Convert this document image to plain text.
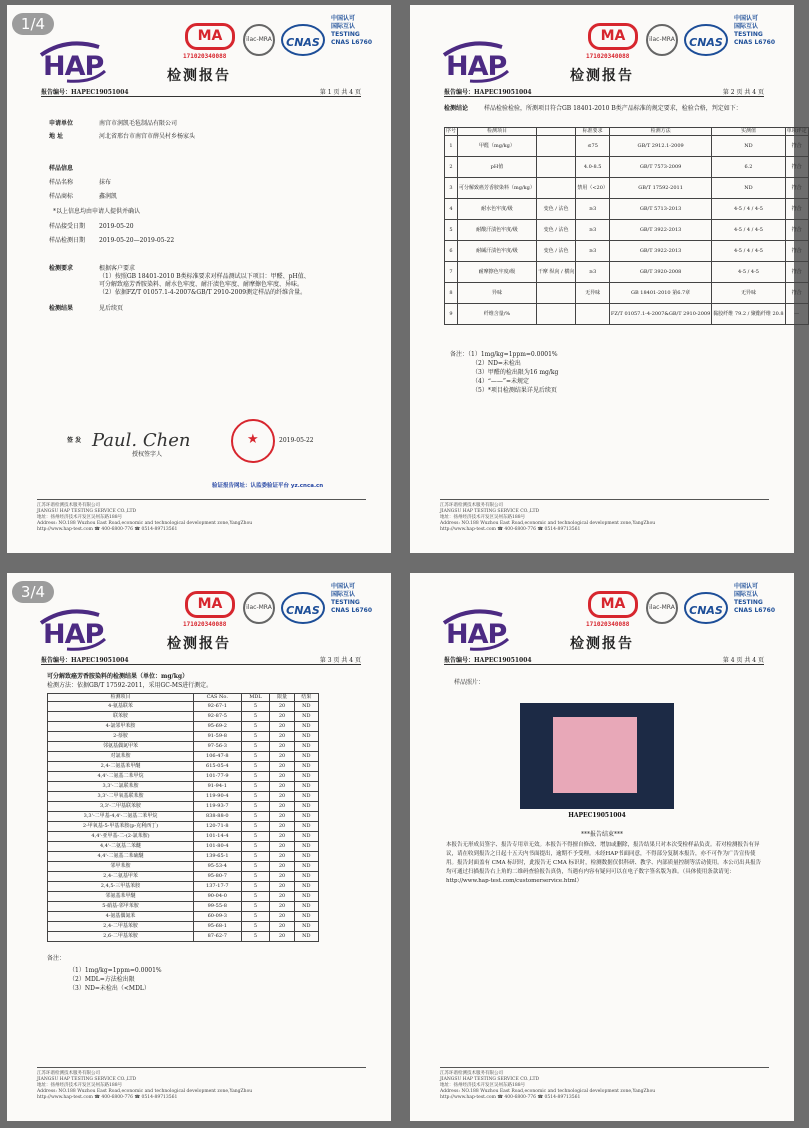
1/4
HAP
MA
171020340088
ilac-MRA	CNAS
中国认可
国际互认
TESTING
CNAS L6760
检测报告
报告编号：HAPEC19051004	第 1 页 共 4 页
申请单位	南宫市润凯毛毡制品有限公司
地 址	河北省邢台市南宫市薛吴村乡杨家头
样品信息
样品名称	抹布
样品商标	鑫润凯
*以上信息均由申请人提供并确认
样品接受日期 2019-05-20
样品检测日期 2019-05-20—2019-05-22
检测要求	根据客户要求
（1）按照GB 18401-2010 B类标准要求对样品测试以下项目：甲醛、pH值、
可分解致癌芳香胺染料、耐水色牢度、耐汗渍色牢度、耐摩擦色牢度、异味。
（2）依据FZ/T 01057.1-4-2007&GB/T 2910-2009测定样品的纤维含量。
检测结果	见后续页
签 发 Paul. Chen
授权签字人
★	2019-05-22
验证报告网址：认监委验证平台 yz.cnca.cn
江苏环谱检测技术服务有限公司
JIANGSU HAP TESTING SERVICE CO.,LTD
地址：扬州经济技术开发区吴州东路188号
Address: NO.188 Wuzhou East Road,economic and technological development zone,YangZhou
http://www.hap-test.com ☎ 400-6800-776 ☎ 0514-89713561
HAP
MA
171020340088
ilac-MRA	CNAS
中国认可
国际互认
TESTING
CNAS L6760
检测报告
报告编号：HAPEC19051004	第 2 页 共 4 页
检测结论	样品检验检验，所测项目符合GB 18401-2010 B类产品标准的规定要求，检验合格，判定如下：
序号	检测项目		标准要求	检测方法	实测值	单项评定
1	甲醛（mg/kg）		≤75	GB/T 2912.1-2009	ND	符合
2	pH值		4.0-8.5	GB/T 7573-2009	6.2	符合
3	可分解致癌芳香胺染料（mg/kg）		禁用（<20）	GB/T 17592-2011	ND	符合
4	耐水色牢度/级	变色 / 沾色	≥3	GB/T 5713-2013	4-5 / 4 / 4-5	符合
5	耐酸汗渍色牢度/级	变色 / 沾色	≥3	GB/T 3922-2013	4-5 / 4 / 4-5	符合
6	耐碱汗渍色牢度/级	变色 / 沾色	≥3	GB/T 3922-2013	4-5 / 4 / 4-5	符合
7	耐摩擦色牢度/级	干摩 纵向 / 横向	≥3	GB/T 3920-2008	4-5 / 4-5	符合
8	异味		无异味	GB 18401-2010 第6.7章	无异味	符合
9	纤维含量/%			FZ/T 01057.1-4-2007&GB/T 2910-2009	黏胶纤维 79.2 / 聚酯纤维 20.8	—
备注：（1）1mg/kg=1ppm=0.0001%
（2）ND=未检出
（3）甲醛的检出限为16 mg/kg
（4）“——”=未规定
（5）*项目检测结果详见后续页
江苏环谱检测技术服务有限公司
JIANGSU HAP TESTING SERVICE CO.,LTD
地址：扬州经济技术开发区吴州东路188号
Address: NO.188 Wuzhou East Road,economic and technological development zone,YangZhou
http://www.hap-test.com ☎ 400-6800-776 ☎ 0514-89713561
3/4
HAP
MA
171020340088
ilac-MRA	CNAS
中国认可
国际互认
TESTING
CNAS L6760
检测报告
报告编号：HAPEC19051004	第 3 页 共 4 页
可分解致癌芳香胺染料的检测结果（单位：mg/kg）
检测方法：依据GB/T 17592-2011，采用GC-MS进行测定。
检测项目	CAS No.	MDL	限量	结果
4-氨基联苯	92-67-1	5	20	ND
联苯胺	92-87-5	5	20	ND
4-氯邻甲苯胺	95-69-2	5	20	ND
2-萘胺	91-59-8	5	20	ND
邻氨基偶氮甲苯	97-56-3	5	20	ND
对氯苯胺	106-47-8	5	20	ND
2,4-二氨基苯甲醚	615-05-4	5	20	ND
4,4'-二氨基二苯甲烷	101-77-9	5	20	ND
3,3'-二氯联苯胺	91-94-1	5	20	ND
3,3'-二甲氧基联苯胺	119-90-4	5	20	ND
3,3'-二甲基联苯胺	119-93-7	5	20	ND
3,3'-二甲基-4,4'-二氨基二苯甲烷	838-88-0	5	20	ND
2-甲氧基-5-甲基苯胺(p-克利西丁)	120-71-8	5	20	ND
4,4'-亚甲基-二-(2-氯苯胺)	101-14-4	5	20	ND
4,4'-二氨基二苯醚	101-80-4	5	20	ND
4,4'-二氨基二苯硫醚	139-65-1	5	20	ND
邻甲苯胺	95-53-4	5	20	ND
2,4-二氨基甲苯	95-80-7	5	20	ND
2,4,5-三甲基苯胺	137-17-7	5	20	ND
邻氨基苯甲醚	90-04-0	5	20	ND
5-硝基-邻甲苯胺	99-55-8	5	20	ND
4-氨基偶氮苯	60-09-3	5	20	ND
2,4-二甲基苯胺	95-68-1	5	20	ND
2,6-二甲基苯胺	87-62-7	5	20	ND
备注：
（1）1mg/kg=1ppm=0.0001%
（2）MDL=方法检出限
（3）ND=未检出（<MDL）
江苏环谱检测技术服务有限公司
JIANGSU HAP TESTING SERVICE CO.,LTD
地址：扬州经济技术开发区吴州东路188号
Address: NO.188 Wuzhou East Road,economic and technological development zone,YangZhou
http://www.hap-test.com ☎ 400-6800-776 ☎ 0514-89713561
HAP
MA
171020340088
ilac-MRA	CNAS
中国认可
国际互认
TESTING
CNAS L6760
检测报告
报告编号：HAPEC19051004	第 4 页 共 4 页
样品照片：
HAPEC19051004
***报告结束***
本报告无形成员签字、报告专用章无效。本报告不得擅自修改、增加或删除，报告结果只对本次受检样品负责。若对检测报告有异议，请在收到报告之日起十五天内书面提出，逾期不予受理。未经HAP书面同意，不得部分复制本报告，亦不可作为广告宣传使用。报告封面盖有 CMA 标识时，此报告无 CMA 标识时，检测数据仅供科研、教学、内部质量控制等活动使用。本公司出具报告均可通过扫描报告右上角的二维码查验报告真伪，当遇有内容有疑问可以在电子数字签名版为准。（具体使用条款请见：http://www.hap-test.com/customerservice.html）
江苏环谱检测技术服务有限公司
JIANGSU HAP TESTING SERVICE CO.,LTD
地址：扬州经济技术开发区吴州东路188号
Address: NO.188 Wuzhou East Road,economic and technological development zone,YangZhou
http://www.hap-test.com ☎ 400-6800-776 ☎ 0514-89713561
